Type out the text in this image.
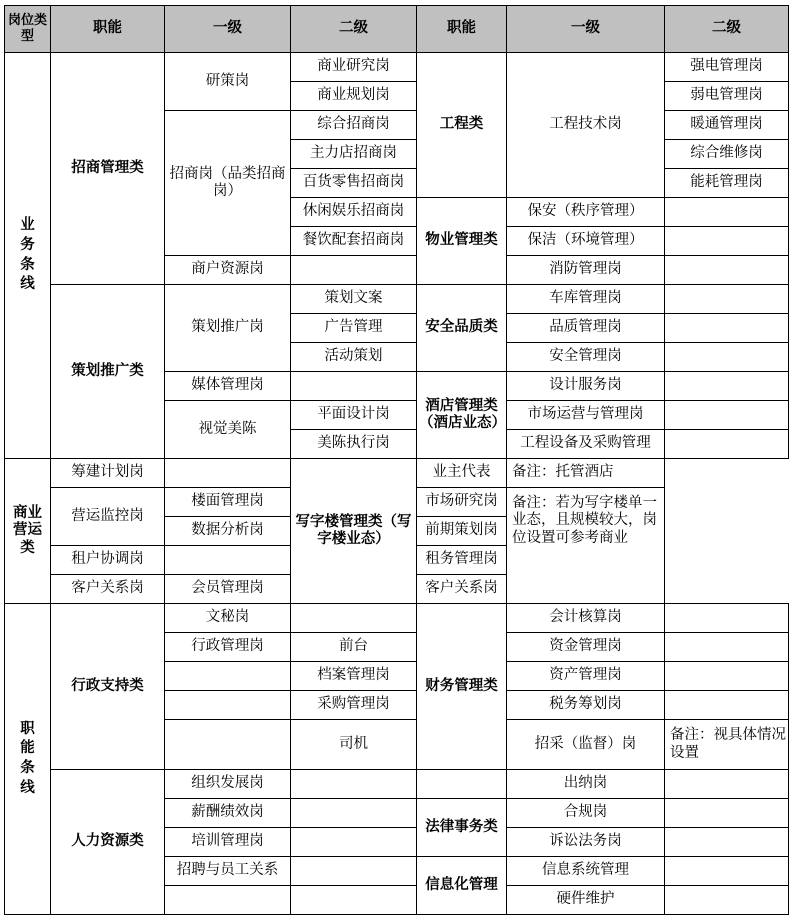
岗位类型	职能	一级	二级	职能	一级	二级
业务条线	招商管理类	研策岗	商业研究岗	工程类	工程技术岗	强电管理岗
			商业规划岗			弱电管理岗
		招商岗（品类招商岗）	综合招商岗			暖通管理岗
			主力店招商岗			综合维修岗
			百货零售招商岗			能耗管理岗
			休闲娱乐招商岗	物业管理类	保安（秩序管理）	
			餐饮配套招商岗		保洁（环境管理）	
		商户资源岗			消防管理岗	
	策划推广类	策划推广岗	策划文案	安全品质类	车库管理岗	
			广告管理		品质管理岗	
			活动策划		安全管理岗	
		媒体管理岗		酒店管理类（酒店业态）	设计服务岗	
		视觉美陈	平面设计岗		市场运营与管理岗	
			美陈执行岗		工程设备及采购管理	
商业营运类	筹建计划岗		写字楼管理类（写字楼业态）	业主代表	备注：托管酒店	
	营运监控岗	楼面管理岗		市场研究岗	备注：若为写字楼单一业态，且规模较大，岗位设置可参考商业	
		数据分析岗		前期策划岗		
	租户协调岗			租务管理岗		
	客户关系岗	会员管理岗		客户关系岗		
职能条线	行政支持类	文秘岗		财务管理类	会计核算岗	
		行政管理岗	前台		资金管理岗	
			档案管理岗		资产管理岗	
			采购管理岗		税务筹划岗	
			司机		招采（监督）岗	备注：视具体情况设置
	人力资源类	组织发展岗			出纳岗	
		薪酬绩效岗		法律事务类	合规岗	
		培训管理岗			诉讼法务岗	
		招聘与员工关系		信息化管理	信息系统管理	
					硬件维护	
